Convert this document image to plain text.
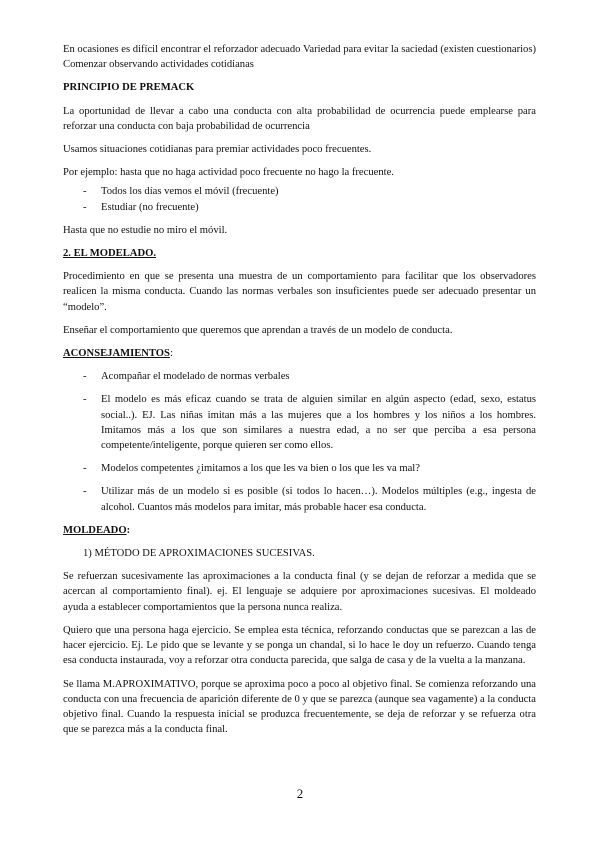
En ocasiones es difícil encontrar el reforzador adecuado Variedad para evitar la saciedad (existen cuestionarios) Comenzar observando actividades cotidianas

PRINCIPIO DE PREMACK

La oportunidad de llevar a cabo una conducta con alta probabilidad de ocurrencia puede emplearse para reforzar una conducta con baja probabilidad de ocurrencia

Usamos situaciones cotidianas para premiar actividades poco frecuentes.

Por ejemplo: hasta que no haga actividad poco frecuente no hago la frecuente.

- Todos los días vemos el móvil (frecuente)
- Estudiar (no frecuente)

Hasta que no estudie no miro el móvil.

2. EL MODELADO.

Procedimiento en que se presenta una muestra de un comportamiento para facilitar que los observadores realicen la misma conducta. Cuando las normas verbales son insuficientes puede ser adecuado presentar un “modelo”.

Enseñar el comportamiento que queremos que aprendan a través de un modelo de conducta.

ACONSEJAMIENTOS:
- Acompañar el modelado de normas verbales
- El modelo es más eficaz cuando se trata de alguien similar en algún aspecto (edad, sexo, estatus social..). EJ. Las niñas imitan más a las mujeres que a los hombres y los niños a los hombres. Imitamos más a los que son similares a nuestra edad, a no ser que perciba a esa persona competente/inteligente, porque quieren ser como ellos.
- Modelos competentes ¿imitamos a los que les va bien o los que les va mal?
- Utilizar más de un modelo si es posible (si todos lo hacen…). Modelos múltiples (e.g., ingesta de alcohol. Cuantos más modelos para imitar, más probable hacer esa conducta.
MOLDEADO:
1) MÉTODO DE APROXIMACIONES SUCESIVAS.

Se refuerzan sucesivamente las aproximaciones a la conducta final (y se dejan de reforzar a medida que se acercan al comportamiento final). ej. El lenguaje se adquiere por aproximaciones sucesivas. El moldeado ayuda a establecer comportamientos que la persona nunca realiza.

Quiero que una persona haga ejercicio. Se emplea esta técnica, reforzando conductas que se parezcan a las de hacer ejercicio. Ej. Le pido que se levante y se ponga un chandal, si lo hace le doy un refuerzo. Cuando tenga esa conducta instaurada, voy a reforzar otra conducta parecida, que salga de casa y de la vuelta a la manzana.

Se llama M.APROXIMATIVO, porque se aproxima poco a poco al objetivo final. Se comienza reforzando una conducta con una frecuencia de aparición diferente de 0 y que se parezca (aunque sea vagamente) a la conducta objetivo final. Cuando la respuesta inicial se produzca frecuentemente, se deja de reforzar y se refuerza otra que se parezca más a la conducta final.

2
